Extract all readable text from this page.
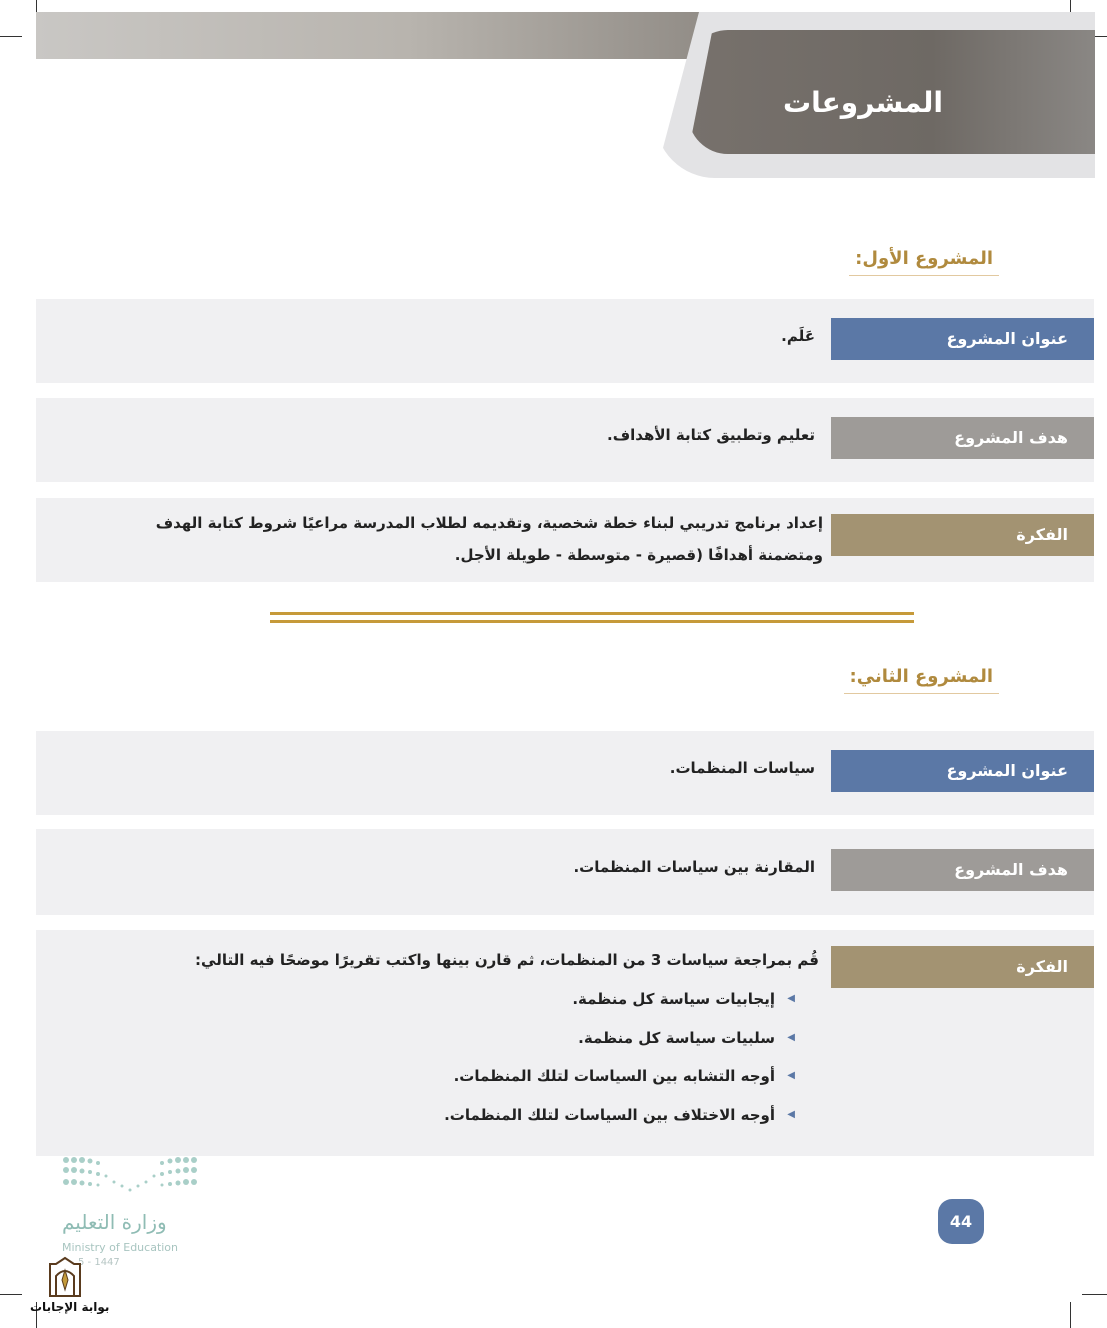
المشروعات
المشروع الأول:
عنوان المشروع
عَلَم.
هدف المشروع
تعليم وتطبيق كتابة الأهداف.
الفكرة
إعداد برنامج تدريبي لبناء خطة شخصية، وتقديمه لطلاب المدرسة مراعيًا شروط كتابة الهدف
ومتضمنة أهدافًا (قصيرة - متوسطة - طويلة الأجل.
المشروع الثاني:
عنوان المشروع
سياسات المنظمات.
هدف المشروع
المقارنة بين سياسات المنظمات.
الفكرة
قُم بمراجعة سياسات 3 من المنظمات، ثم قارن بينها واكتب تقريرًا موضحًا فيه التالي:
◀
إيجابيات سياسة كل منظمة.
◀
سلبيات سياسة كل منظمة.
◀
أوجه التشابه بين السياسات لتلك المنظمات.
◀
أوجه الاختلاف بين السياسات لتلك المنظمات.
44
وزارة التعليم
Ministry of Education
5 - 1447
بوابة الإجابات
